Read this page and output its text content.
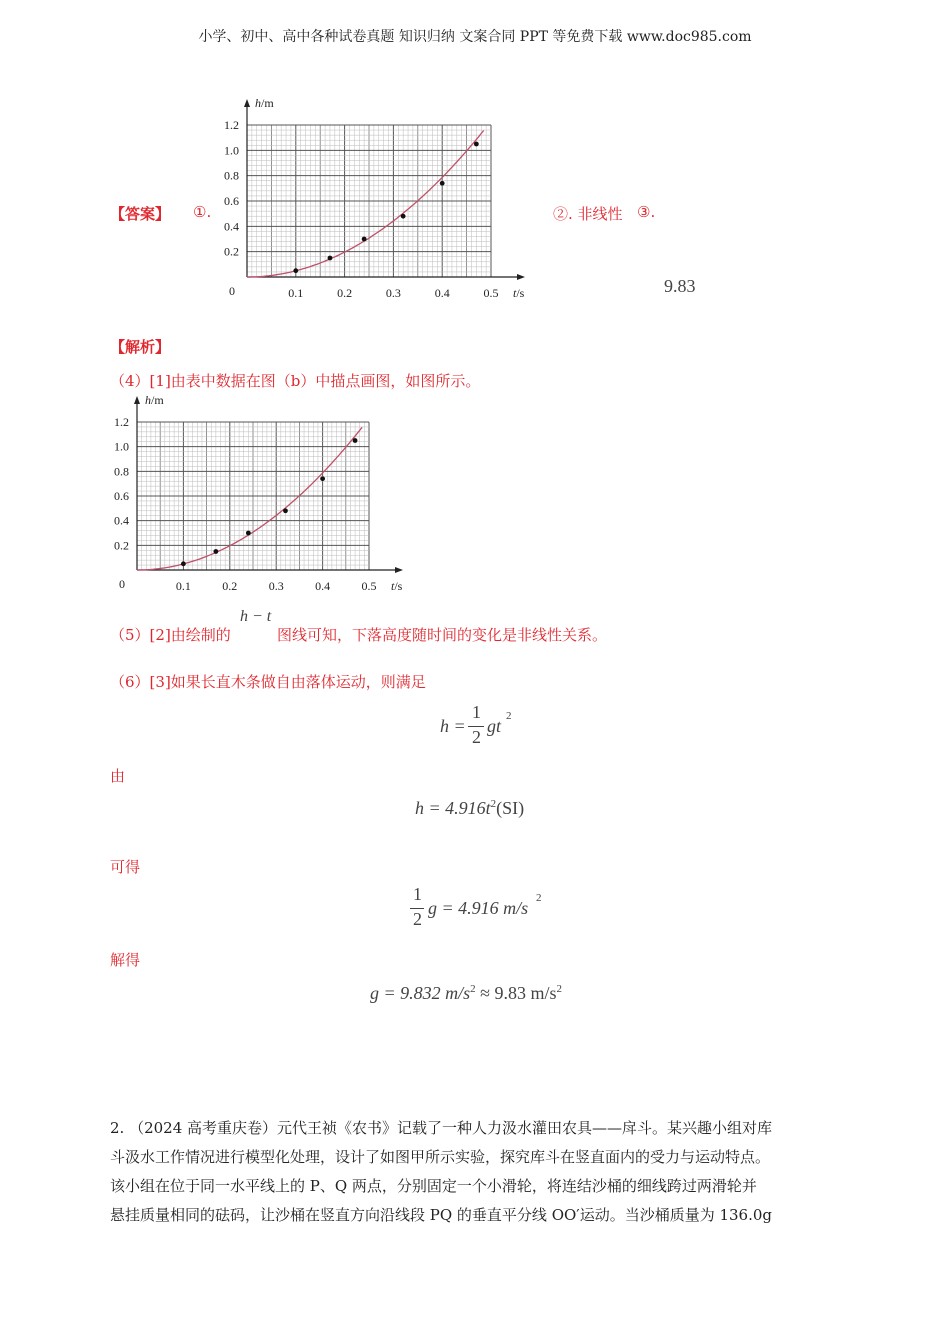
小学、初中、高中各种试卷真题 知识归纳 文案合同 PPT 等免费下载 www.doc985.com
【答案】 ①.
0.1	0.2	0.3	0.4	0.5
0.2
0.4
0.6
0.8
1.0
1.2
0	t/s
h/m
②. 非线性 ③.
9.83
【解析】
（4）[1]由表中数据在图（b）中描点画图，如图所示。
0.1	0.2	0.3	0.4	0.5
0.2
0.4
0.6
0.8
1.0
1.2
0	t/s
h/m
（5）[2]由绘制的
h − t
图线可知，下落高度随时间的变化是非线性关系。
（6）[3]如果长直木条做自由落体运动，则满足
h =
1
2
gt 2
由
$h = 4.916t^2(SI)$
可得
1
2
g = 4.916 m/s 2
解得
g = 9.832 $m/s^2 \approx 9.83$ $m/s^2$
2. （2024 高考重庆卷）元代王祯《农书》记载了一种人力汲水灌田农具——戽斗。某兴趣小组对库
斗汲水工作情况进行模型化处理，设计了如图甲所示实验，探究库斗在竖直面内的受力与运动特点。
该小组在位于同一水平线上的 P、Q 两点，分别固定一个小滑轮，将连结沙桶的细线跨过两滑轮并
悬挂质量相同的砝码，让沙桶在竖直方向沿线段 PQ 的垂直平分线 OO′运动。当沙桶质量为 136.0g
